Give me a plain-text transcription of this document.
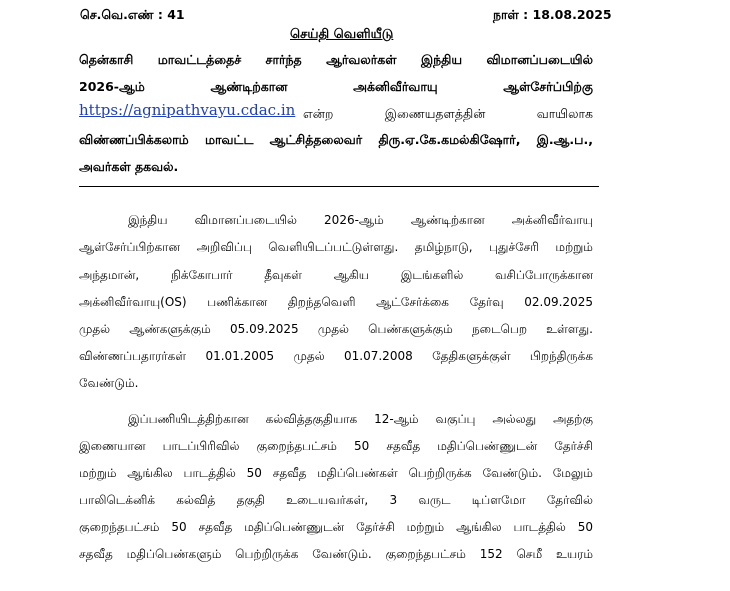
செ.வெ.எண் : 41	நாள் : 18.08.2025
செய்தி வெளியீடு
தென்காசி மாவட்டத்தைச் சார்ந்த ஆர்வலர்கள் இந்திய விமானப்படையில்
2026-ஆம்	ஆண்டிற்கான	அக்னிவீர்வாயு	ஆள்சேர்ப்பிற்கு
https://agnipathvayu.cdac.in என்ற	இணையதளத்தின்	வாயிலாக
விண்ணப்பிக்கலாம் மாவட்ட ஆட்சித்தலைவர் திரு.ஏ.கே.கமல்கிஷோர், இ.ஆ.ப.,
அவர்கள் தகவல்.
இந்திய விமானப்படையில் 2026-ஆம் ஆண்டிற்கான அக்னிவீர்வாயு
ஆள்சேர்ப்பிற்கான அறிவிப்பு வெளியிடப்பட்டுள்ளது. தமிழ்நாடு, புதுச்சேரி மற்றும்
அந்தமான்,	நிக்கோபார்	தீவுகள்	ஆகிய	இடங்களில்	வசிப்போருக்கான
அக்னிவீர்வாயு(OS) பணிக்கான திறந்தவெளி ஆட்சேர்க்கை தேர்வு 02.09.2025
முதல் ஆண்களுக்கும் 05.09.2025 முதல் பெண்களுக்கும் நடைபெற உள்ளது.
விண்ணப்பதாரர்கள் 01.01.2005 முதல் 01.07.2008 தேதிகளுக்குள் பிறந்திருக்க
வேண்டும்.
இப்பணியிடத்திற்கான கல்வித்தகுதியாக 12-ஆம் வகுப்பு அல்லது அதற்கு
இணையான பாடப்பிரிவில் குறைந்தபட்சம் 50 சதவீத மதிப்பெண்ணுடன் தேர்ச்சி
மற்றும் ஆங்கில பாடத்தில் 50 சதவீத மதிப்பெண்கள் பெற்றிருக்க வேண்டும். மேலும்
பாலிடெக்னிக் கல்வித் தகுதி உடையவர்கள், 3 வருட டிப்ளமோ தேர்வில்
குறைந்தபட்சம் 50 சதவீத மதிப்பெண்ணுடன் தேர்ச்சி மற்றும் ஆங்கில பாடத்தில் 50
சதவீத மதிப்பெண்களும் பெற்றிருக்க வேண்டும். குறைந்தபட்சம் 152 செமீ உயரம்
